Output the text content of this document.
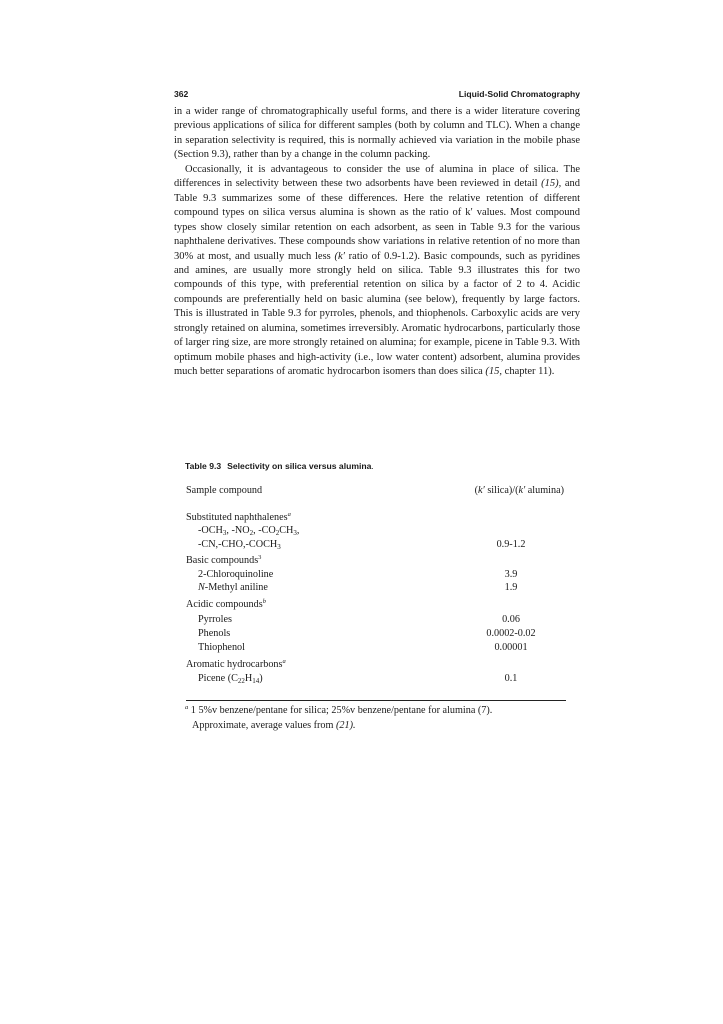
362	Liquid-Solid Chromatography

in a wider range of chromatographically useful forms, and there is a wider literature covering previous applications of silica for different samples (both by column and TLC). When a change in separation selectivity is required, this is normally achieved via variation in the mobile phase (Section 9.3), rather than by a change in the column packing.

Occasionally, it is advantageous to consider the use of alumina in place of silica. The differences in selectivity between these two adsorbents have been reviewed in detail (15), and Table 9.3 summarizes some of these differences. Here the relative retention of different compound types on silica versus alumina is shown as the ratio of k′ values. Most compound types show closely similar retention on each adsorbent, as seen in Table 9.3 for the various naphthalene derivatives. These compounds show variations in relative retention of no more than 30% at most, and usually much less (k′ ratio of 0.9-1.2). Basic compounds, such as pyridines and amines, are usually more strongly held on silica. Table 9.3 illustrates this for two compounds of this type, with preferential retention on silica by a factor of 2 to 4. Acidic compounds are preferentially held on basic alumina (see below), frequently by large factors. This is illustrated in Table 9.3 for pyrroles, phenols, and thiophenols. Carboxylic acids are very strongly retained on alumina, sometimes irreversibly. Aromatic hydrocarbons, particularly those of larger ring size, are more strongly retained on alumina; for example, picene in Table 9.3. With optimum mobile phases and high-activity (i.e., low water content) adsorbent, alumina provides much better separations of aromatic hydrocarbon isomers than does silica (15, chapter 11).

Table 9.3 Selectivity on silica versus alumina.
Sample compound	(k′ silica)/(k′ alumina)
Substituted naphthalenes$^a$
$-OCH_3$, $-NO_2$, $-CO_2CH_3$,
$-CN,-CHO,-COCH_3$	0.9-1.2
Basic compounds$^3$
2-Chloroquinoline	3.9
N-Methyl aniline	1.9
Acidic compounds$^b$
Pyrroles	0.06
Phenols	0.0002-0.02
Thiophenol	0.00001
Aromatic hydrocarbons$^a$
Picene $(C_{22}H_{14})$	0.1
$^a$ 1 5%v benzene/pentane for silica; 25%v benzene/pentane for alumina (7).
Approximate, average values from (21).
